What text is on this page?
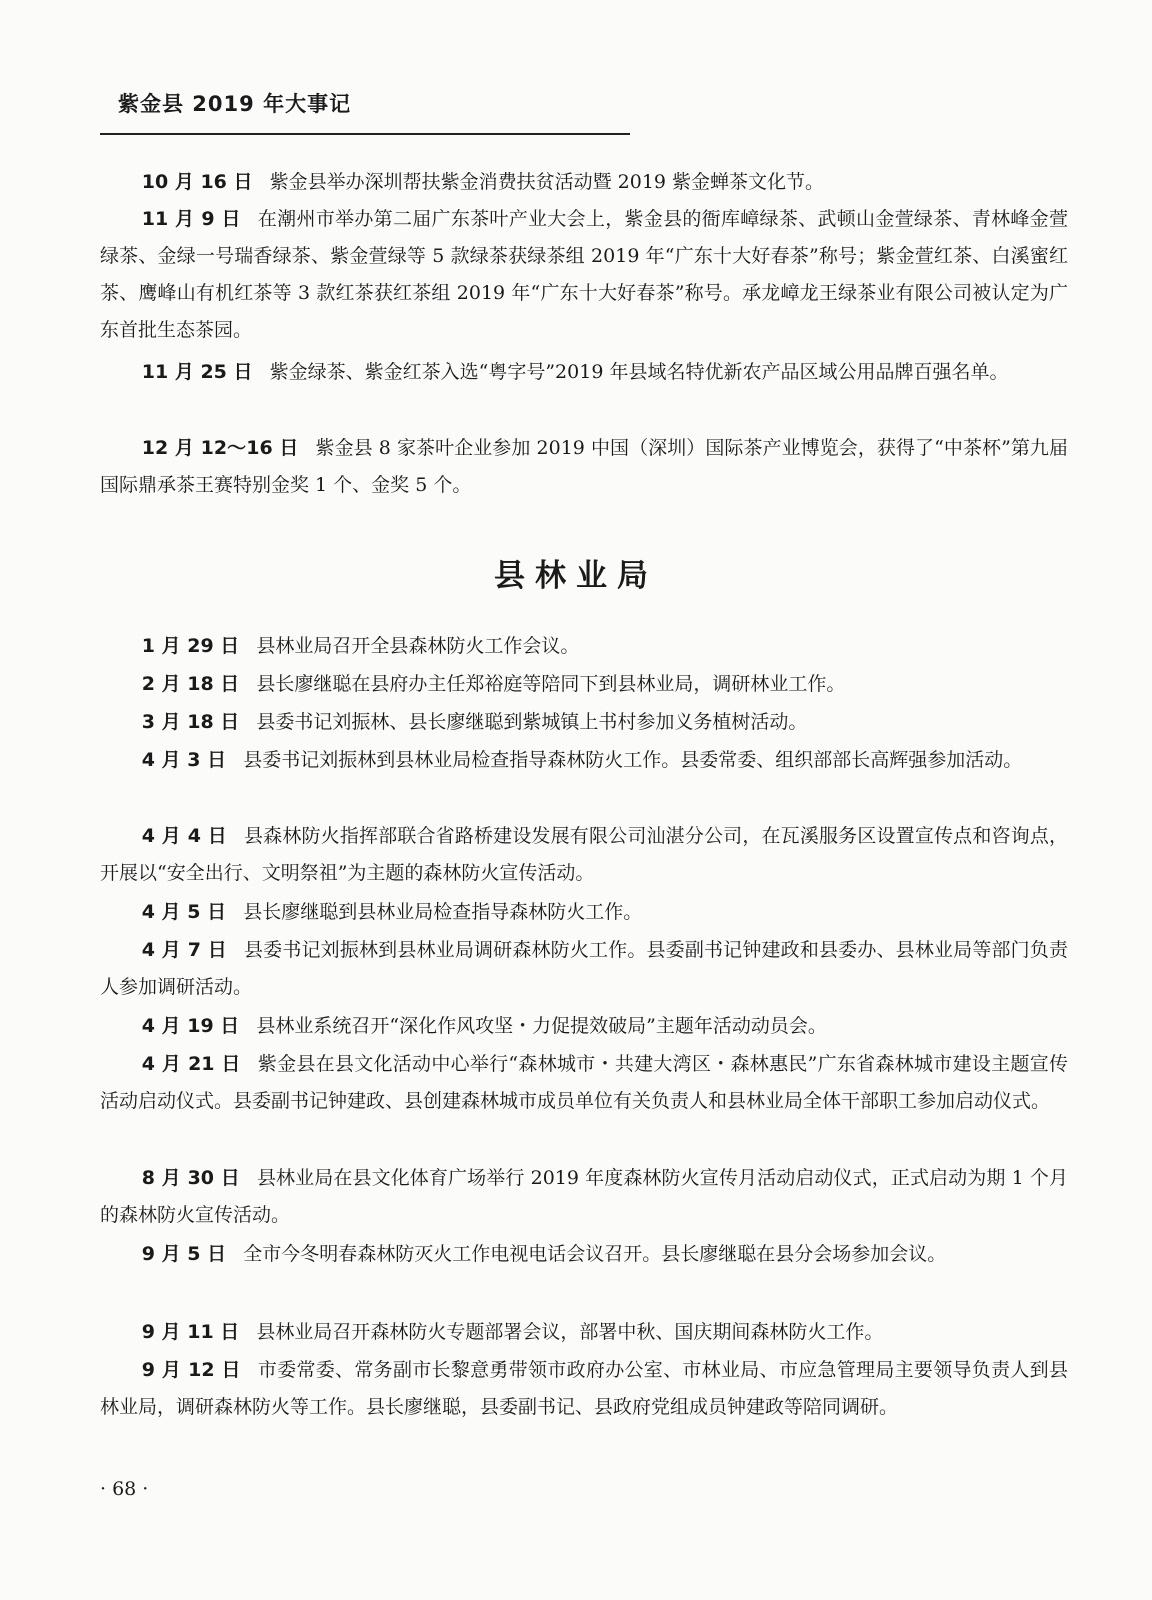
紫金县 2019 年大事记

10 月 16 日 紫金县举办深圳帮扶紫金消费扶贫活动暨 2019 紫金蝉茶文化节。

11 月 9 日 在潮州市举办第二届广东茶叶产业大会上，紫金县的衙库嶂绿茶、武顿山金萱绿茶、青林峰金萱绿茶、金绿一号瑞香绿茶、紫金萱绿等 5 款绿茶获绿茶组 2019 年“广东十大好春茶”称号；紫金萱红茶、白溪蜜红茶、鹰峰山有机红茶等 3 款红茶获红茶组 2019 年“广东十大好春茶”称号。承龙嶂龙王绿茶业有限公司被认定为广东首批生态茶园。

11 月 25 日 紫金绿茶、紫金红茶入选“粤字号”2019 年县域名特优新农产品区域公用品牌百强名单。

12 月 12～16 日 紫金县 8 家茶叶企业参加 2019 中国（深圳）国际茶产业博览会，获得了“中茶杯”第九届国际鼎承茶王赛特别金奖 1 个、金奖 5 个。

县林业局

1 月 29 日 县林业局召开全县森林防火工作会议。

2 月 18 日 县长廖继聪在县府办主任郑裕庭等陪同下到县林业局，调研林业工作。

3 月 18 日 县委书记刘振林、县长廖继聪到紫城镇上书村参加义务植树活动。

4 月 3 日 县委书记刘振林到县林业局检查指导森林防火工作。县委常委、组织部部长高辉强参加活动。

4 月 4 日 县森林防火指挥部联合省路桥建设发展有限公司汕湛分公司，在瓦溪服务区设置宣传点和咨询点，开展以“安全出行、文明祭祖”为主题的森林防火宣传活动。

4 月 5 日 县长廖继聪到县林业局检查指导森林防火工作。

4 月 7 日 县委书记刘振林到县林业局调研森林防火工作。县委副书记钟建政和县委办、县林业局等部门负责人参加调研活动。

4 月 19 日 县林业系统召开“深化作风攻坚・力促提效破局”主题年活动动员会。

4 月 21 日 紫金县在县文化活动中心举行“森林城市・共建大湾区・森林惠民”广东省森林城市建设主题宣传活动启动仪式。县委副书记钟建政、县创建森林城市成员单位有关负责人和县林业局全体干部职工参加启动仪式。

8 月 30 日 县林业局在县文化体育广场举行 2019 年度森林防火宣传月活动启动仪式，正式启动为期 1 个月的森林防火宣传活动。

9 月 5 日 全市今冬明春森林防灭火工作电视电话会议召开。县长廖继聪在县分会场参加会议。

9 月 11 日 县林业局召开森林防火专题部署会议，部署中秋、国庆期间森林防火工作。

9 月 12 日 市委常委、常务副市长黎意勇带领市政府办公室、市林业局、市应急管理局主要领导负责人到县林业局，调研森林防火等工作。县长廖继聪，县委副书记、县政府党组成员钟建政等陪同调研。

· 68 ·
